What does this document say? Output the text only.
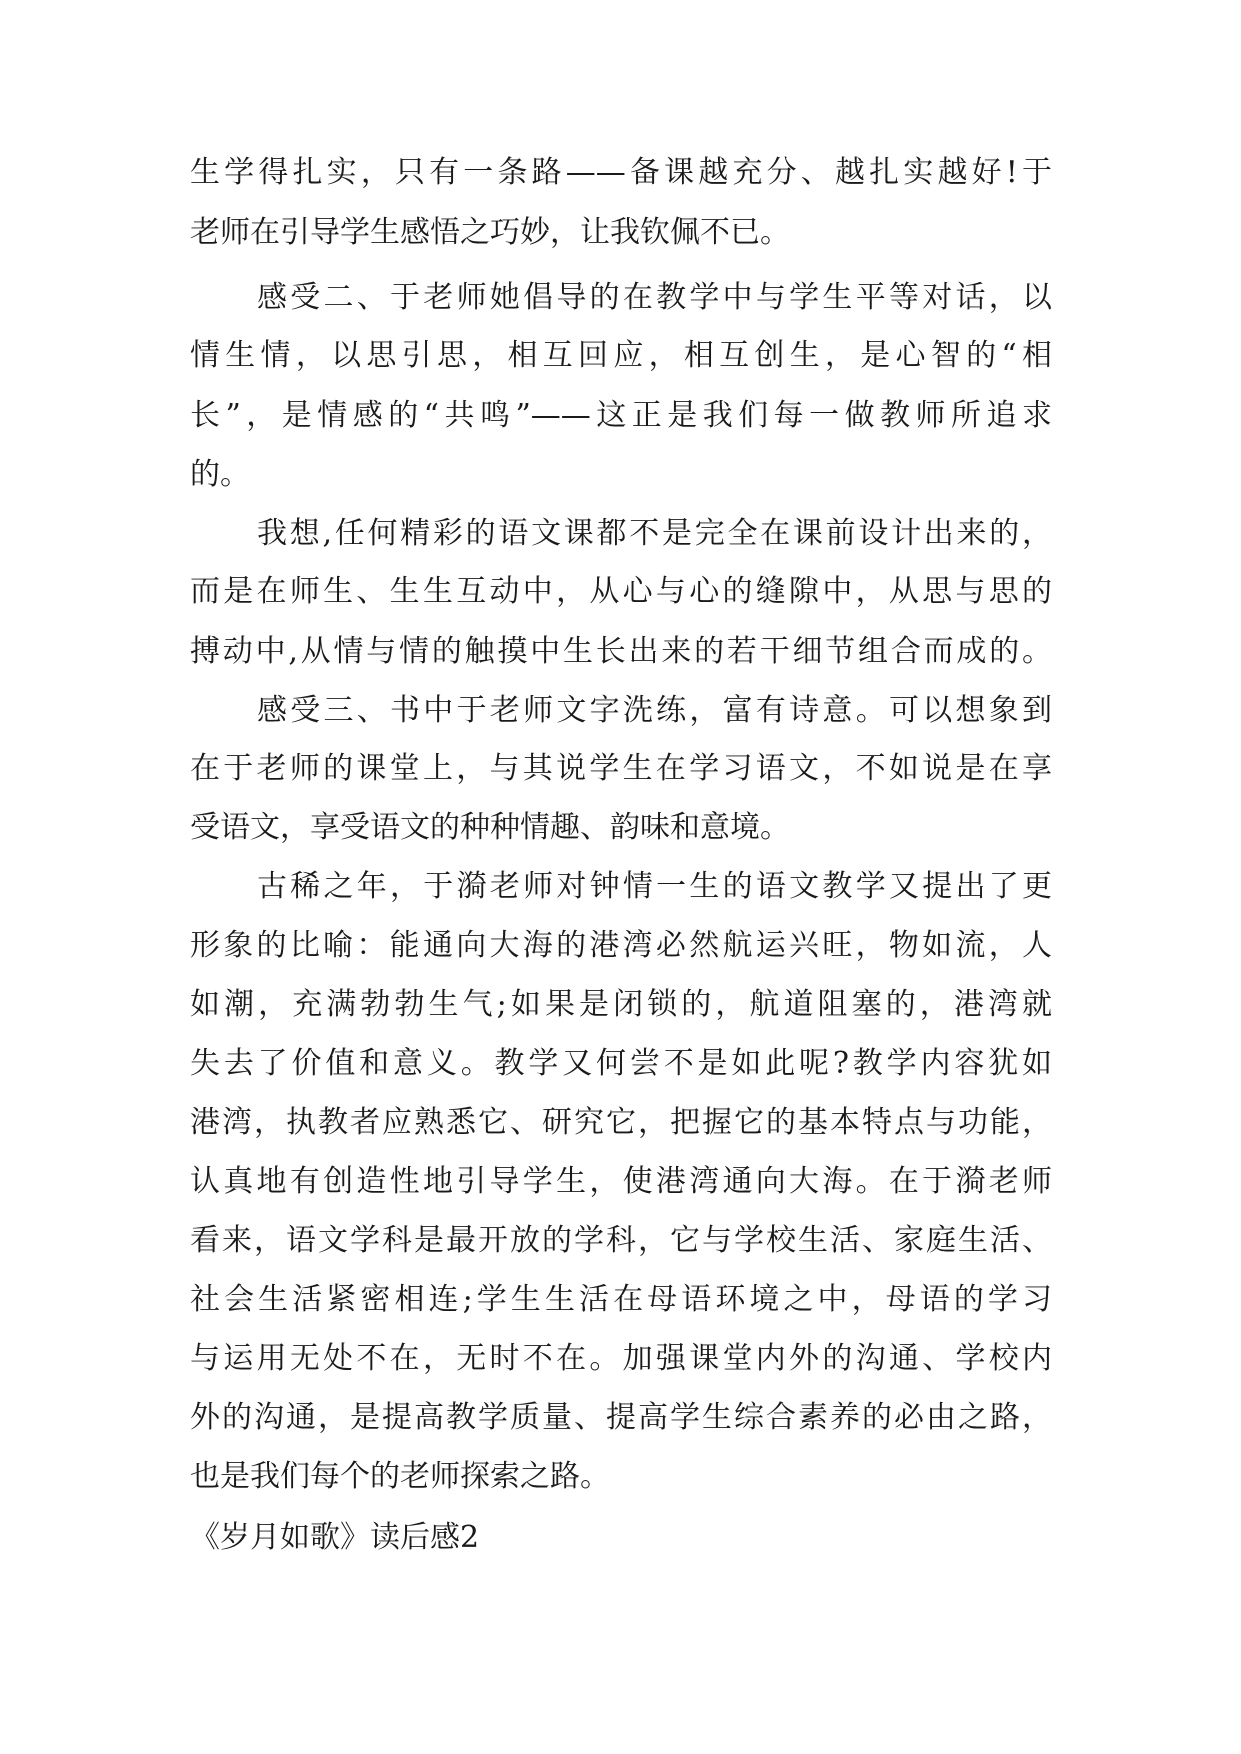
生学得扎实，只有一条路——备课越充分、越扎实越好!于
老师在引导学生感悟之巧妙，让我钦佩不已。
感受二、于老师她倡导的在教学中与学生平等对话，以
情生情，以思引思，相互回应，相互创生，是心智的“相
长”，是情感的“共鸣”——这正是我们每一做教师所追求
的。
我想,任何精彩的语文课都不是完全在课前设计出来的，
而是在师生、生生互动中，从心与心的缝隙中，从思与思的
搏动中,从情与情的触摸中生长出来的若干细节组合而成的。
感受三、书中于老师文字洗练，富有诗意。可以想象到
在于老师的课堂上，与其说学生在学习语文，不如说是在享
受语文，享受语文的种种情趣、韵味和意境。
古稀之年，于漪老师对钟情一生的语文教学又提出了更
形象的比喻：能通向大海的港湾必然航运兴旺，物如流，人
如潮，充满勃勃生气;如果是闭锁的，航道阻塞的，港湾就
失去了价值和意义。教学又何尝不是如此呢?教学内容犹如
港湾，执教者应熟悉它、研究它，把握它的基本特点与功能，
认真地有创造性地引导学生，使港湾通向大海。在于漪老师
看来，语文学科是最开放的学科，它与学校生活、家庭生活、
社会生活紧密相连;学生生活在母语环境之中，母语的学习
与运用无处不在，无时不在。加强课堂内外的沟通、学校内
外的沟通，是提高教学质量、提高学生综合素养的必由之路，
也是我们每个的老师探索之路。
《岁月如歌》读后感2
